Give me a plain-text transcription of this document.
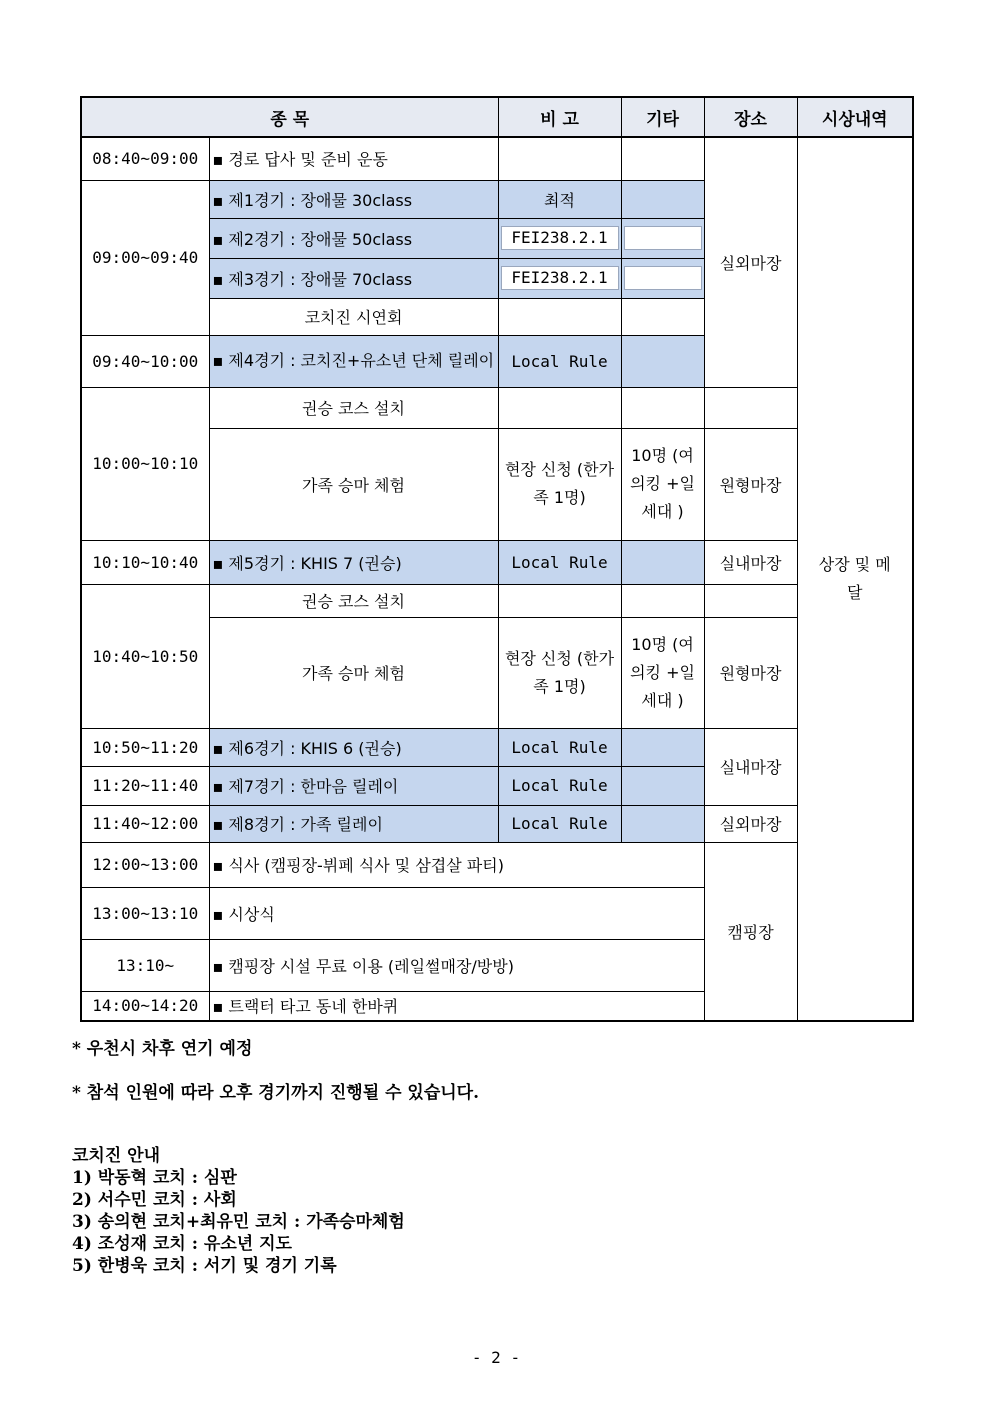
종 목		비 고	기타	장소	시상내역
08:40~09:00	▪ 경로 답사 및 준비 운동			실외마장	상장 및 메달

09:00~09:40	▪ 제1경기 : 장애물 30class	최적			
	▪ 제2경기 : 장애물 50class	FEI238.2.1			

	▪ 제3경기 : 장애물 70class	FEI238.2.1			

	코치진 시연회				
09:40~10:00	▪ 제4경기 : 코치진+유소년 단체 릴레이	Local Rule			
10:00~10:10	권승 코스 설치				
	가족 승마 체험	현장 신청 (한가족 1명)	10명 (여의킹 +일세대 )	원형마장	
10:10~10:40	▪ 제5경기 : KHIS 7 (권승)	Local Rule		실내마장	
10:40~10:50	권승 코스 설치				
	가족 승마 체험	현장 신청 (한가족 1명)	10명 (여의킹 +일세대 )	원형마장	
10:50~11:20	▪ 제6경기 : KHIS 6 (권승)	Local Rule		실내마장	
11:20~11:40	▪ 제7경기 : 한마음 릴레이	Local Rule			
11:40~12:00	▪ 제8경기 : 가족 릴레이	Local Rule		실외마장	
12:00~13:00	▪ 식사 (캠핑장-뷔페 식사 및 삼겹살 파티)			캠핑장	
13:00~13:10	▪ 시상식				
13:10~	▪ 캠핑장 시설 무료 이용 (레일썰매장/방방)				
14:00~14:20	▪ 트랙터 타고 동네 한바퀴				
* 우천시 차후 연기 예정
* 참석 인원에 따라 오후 경기까지 진행될 수 있습니다.
코치진 안내
1) 박동혁 코치 : 심판
2) 서수민 코치 : 사회
3) 송의현 코치+최유민 코치 : 가족승마체험
4) 조성재 코치 : 유소년 지도
5) 한병욱 코치 : 서기 및 경기 기록
- 2 -
